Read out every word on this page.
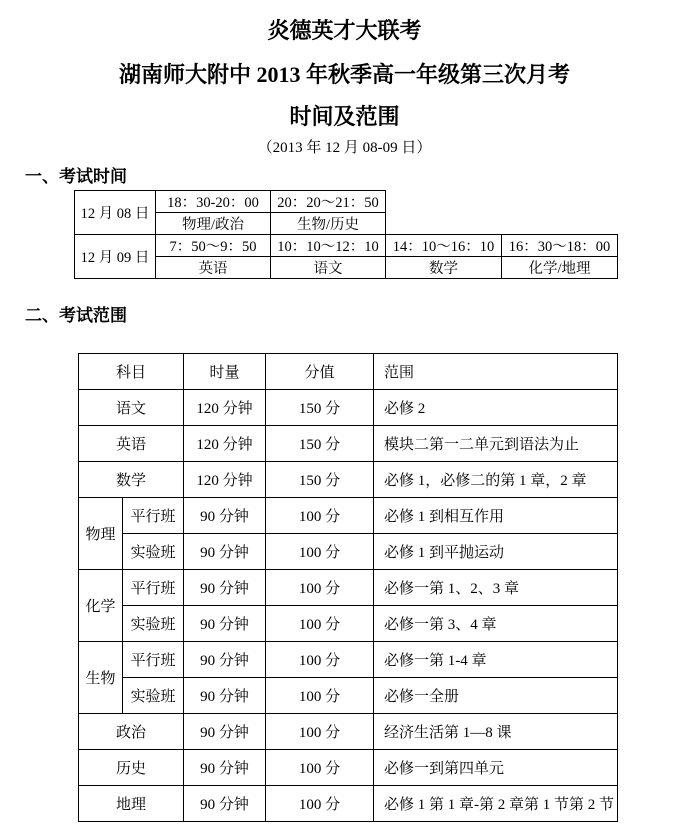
炎德英才大联考
湖南师大附中 2013 年秋季高一年级第三次月考
时间及范围
（2013 年 12 月 08-09 日）
一、考试时间
12 月 08 日	18：30-20：00	20：20～21：50		
	物理/政治	生物/历史		
12 月 09 日	7：50～9：50	10：10～12：10	14：10～16：10	16：30～18：00
	英语	语文	数学	化学/地理
二、考试范围
科目		时量	分值	范围
语文		120 分钟	150 分	必修 2
英语		120 分钟	150 分	模块二第一二单元到语法为止
数学		120 分钟	150 分	必修 1，必修二的第 1 章，2 章
物理	平行班	90 分钟	100 分	必修 1 到相互作用
	实验班	90 分钟	100 分	必修 1 到平抛运动
化学	平行班	90 分钟	100 分	必修一第 1、2、3 章
	实验班	90 分钟	100 分	必修一第 3、4 章
生物	平行班	90 分钟	100 分	必修一第 1-4 章
	实验班	90 分钟	100 分	必修一全册
政治		90 分钟	100 分	经济生活第 1—8 课
历史		90 分钟	100 分	必修一到第四单元
地理		90 分钟	100 分	必修 1 第 1 章-第 2 章第 1 节第 2 节
